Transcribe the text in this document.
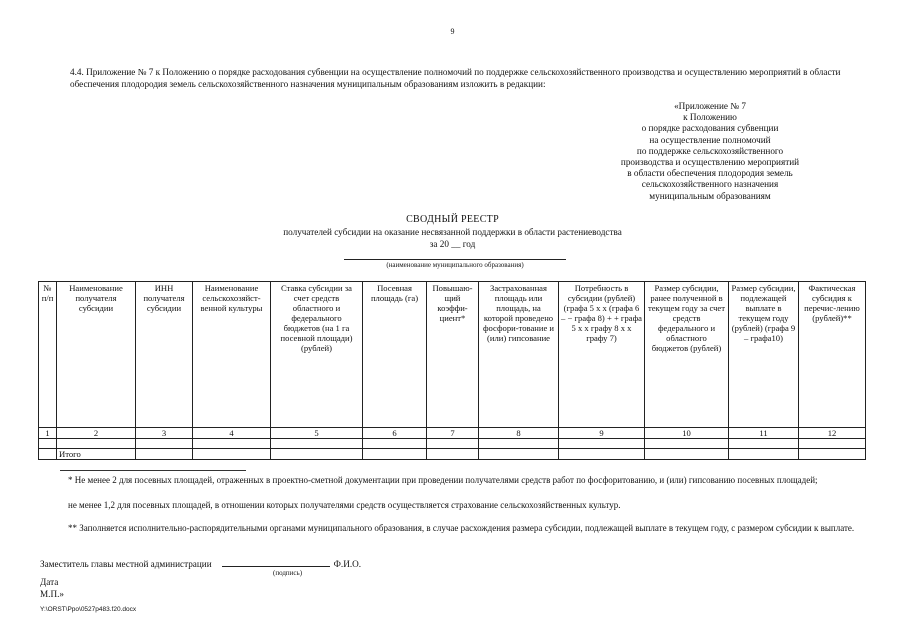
9
4.4. Приложение № 7 к Положению о порядке расходования субвенции на осуществление полномочий по поддержке сельскохозяйственного производства и осуществлению мероприятий в области обеспечения плодородия земель сельскохозяйственного назначения муниципальным образованиям изложить в редакции:
«Приложение № 7
к Положению
о порядке расходования субвенции
на осуществление полномочий
по поддержке сельскохозяйственного
производства и осуществлению мероприятий
в области обеспечения плодородия земель
сельскохозяйственного назначения
муниципальным образованиям
СВОДНЫЙ РЕЕСТР
получателей субсидии на оказание несвязанной поддержки в области растениеводства
за 20 __ год
(наименование муниципального образования)
№ п/п	Наименование получателя субсидии	ИНН получателя субсидии	Наименование сельскохозяйст-венной культуры	Ставка субсидии за счет средств областного и федерального бюджетов (на 1 га посевной площади) (рублей)	Посевная площадь (га)	Повышаю-щий коэффи-циент*	Застрахованная площадь или площадь, на которой проведено фосфори-тование и (или) гипсование	Потребность в субсидии (рублей) (графа 5 x х (графа 6 – − графа 8) + + графа 5 x х графу 8 x х графу 7)	Размер субсидии, ранее полученной в текущем году за счет средств федерального и областного бюджетов (рублей)	Размер субсидии, подлежащей выплате в текущем году (рублей) (графа 9 – графа10)	Фактическая субсидия к перечис-лению (рублей)**
1	2	3	4	5	6	7	8	9	10	11	12

	Итого										
* Не менее 2 для посевных площадей, отраженных в проектно-сметной документации при проведении получателями средств работ по фосфоритованию, и (или) гипсованию посевных площадей;
не менее 1,2 для посевных площадей, в отношении которых получателями средств осуществляется страхование сельскохозяйственных культур.
** Заполняется исполнительно-распорядительными органами муниципального образования, в случае расхождения размера субсидии, подлежащей выплате в текущем году, с размером субсидии к выплате.
Заместитель главы местной администрации	Ф.И.О.
(подпись)
Дата
М.П.»
Y:\ORST\Ppo\0527p483.f20.docx
